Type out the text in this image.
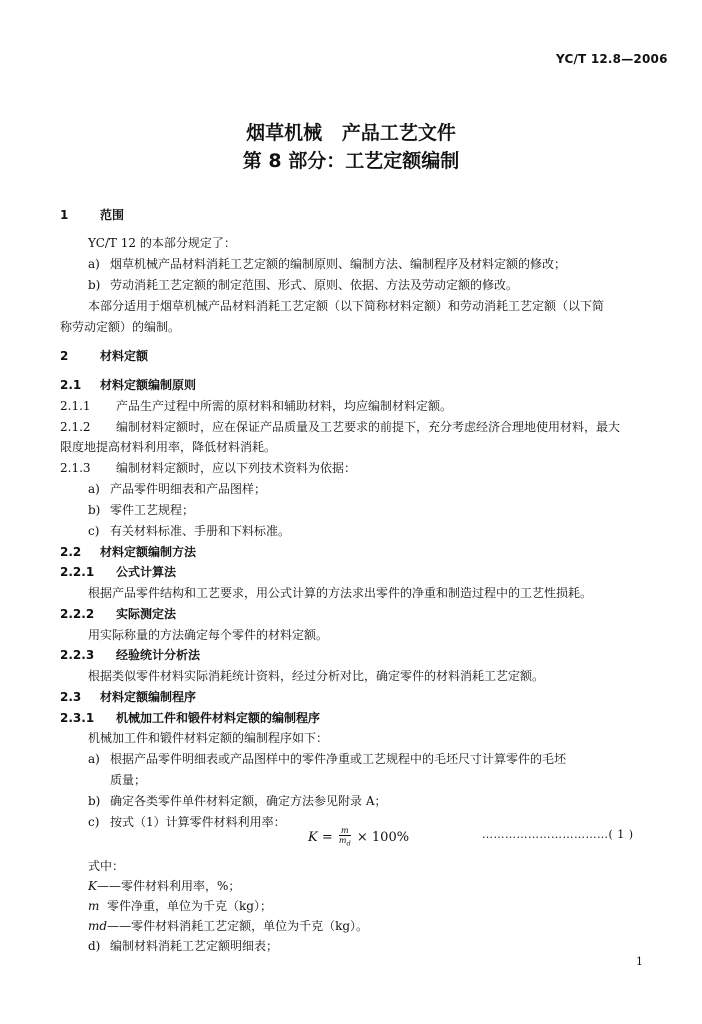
YC/T 12.8—2006
烟草机械   产品工艺文件
第 8 部分：工艺定额编制
1	范围
YC/T 12 的本部分规定了：
a) 烟草机械产品材料消耗工艺定额的编制原则、编制方法、编制程序及材料定额的修改；
b) 劳动消耗工艺定额的制定范围、形式、原则、依据、方法及劳动定额的修改。
本部分适用于烟草机械产品材料消耗工艺定额（以下简称材料定额）和劳动消耗工艺定额（以下简
称劳动定额）的编制。
2	材料定额
2.1 材料定额编制原则
2.1.1 产品生产过程中所需的原材料和辅助材料，均应编制材料定额。
2.1.2 编制材料定额时，应在保证产品质量及工艺要求的前提下，充分考虑经济合理地使用材料，最大
限度地提高材料利用率，降低材料消耗。
2.1.3 编制材料定额时，应以下列技术资料为依据：
a) 产品零件明细表和产品图样；
b) 零件工艺规程；
c) 有关材料标准、手册和下料标准。
2.2 材料定额编制方法
2.2.1 公式计算法
根据产品零件结构和工艺要求，用公式计算的方法求出零件的净重和制造过程中的工艺性损耗。
2.2.2 实际测定法
用实际称量的方法确定每个零件的材料定额。
2.2.3 经验统计分析法
根据类似零件材料实际消耗统计资料，经过分析对比，确定零件的材料消耗工艺定额。
2.3 材料定额编制程序
2.3.1 机械加工件和锻件材料定额的编制程序
机械加工件和锻件材料定额的编制程序如下：
a) 根据产品零件明细表或产品图样中的零件净重或工艺规程中的毛坯尺寸计算零件的毛坯
质量；
b) 确定各类零件单件材料定额，确定方法参见附录 A；
c) 按式（1）计算零件材料利用率：
$K = \frac{m}{m_d} \times 100\%$	……………………………( 1 )
式中：
K——零件材料利用率，%；
m  零件净重，单位为千克（kg）；
md——零件材料消耗工艺定额，单位为千克（kg）。
d) 编制材料消耗工艺定额明细表；
1
